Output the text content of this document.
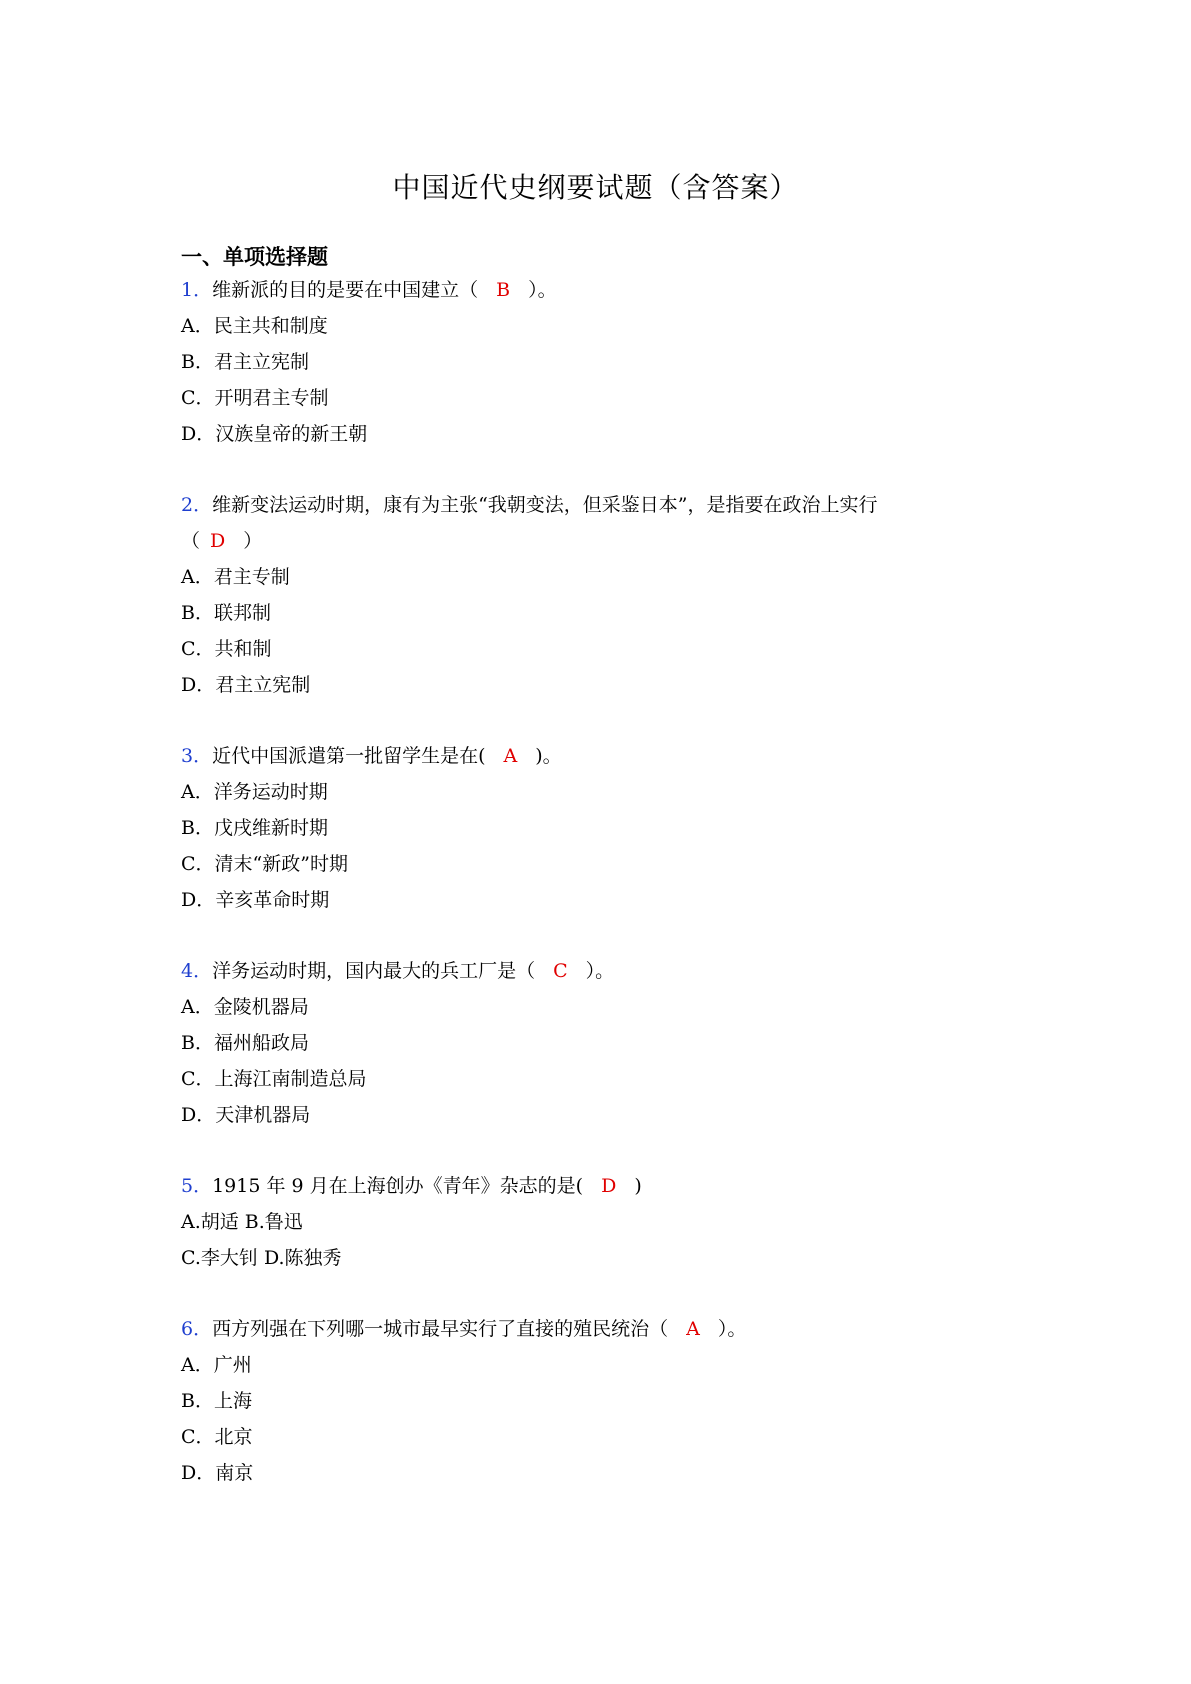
中国近代史纲要试题（含答案）
一、单项选择题
1．维新派的目的是要在中国建立（ B ）。
A．民主共和制度
B．君主立宪制
C．开明君主专制
D．汉族皇帝的新王朝
2．维新变法运动时期，康有为主张“我朝变法，但采鉴日本”，是指要在政治上实行
（ D ）
A．君主专制
B．联邦制
C．共和制
D．君主立宪制
3．近代中国派遣第一批留学生是在( A )。
A．洋务运动时期
B．戊戌维新时期
C．清末“新政”时期
D．辛亥革命时期
4．洋务运动时期，国内最大的兵工厂是（ C ）。
A．金陵机器局
B．福州船政局
C．上海江南制造总局
D．天津机器局
5．1915 年 9 月在上海创办《青年》杂志的是( D )
A.胡适 B.鲁迅
C.李大钊 D.陈独秀
6．西方列强在下列哪一城市最早实行了直接的殖民统治（ A ）。
A．广州
B．上海
C．北京
D．南京
